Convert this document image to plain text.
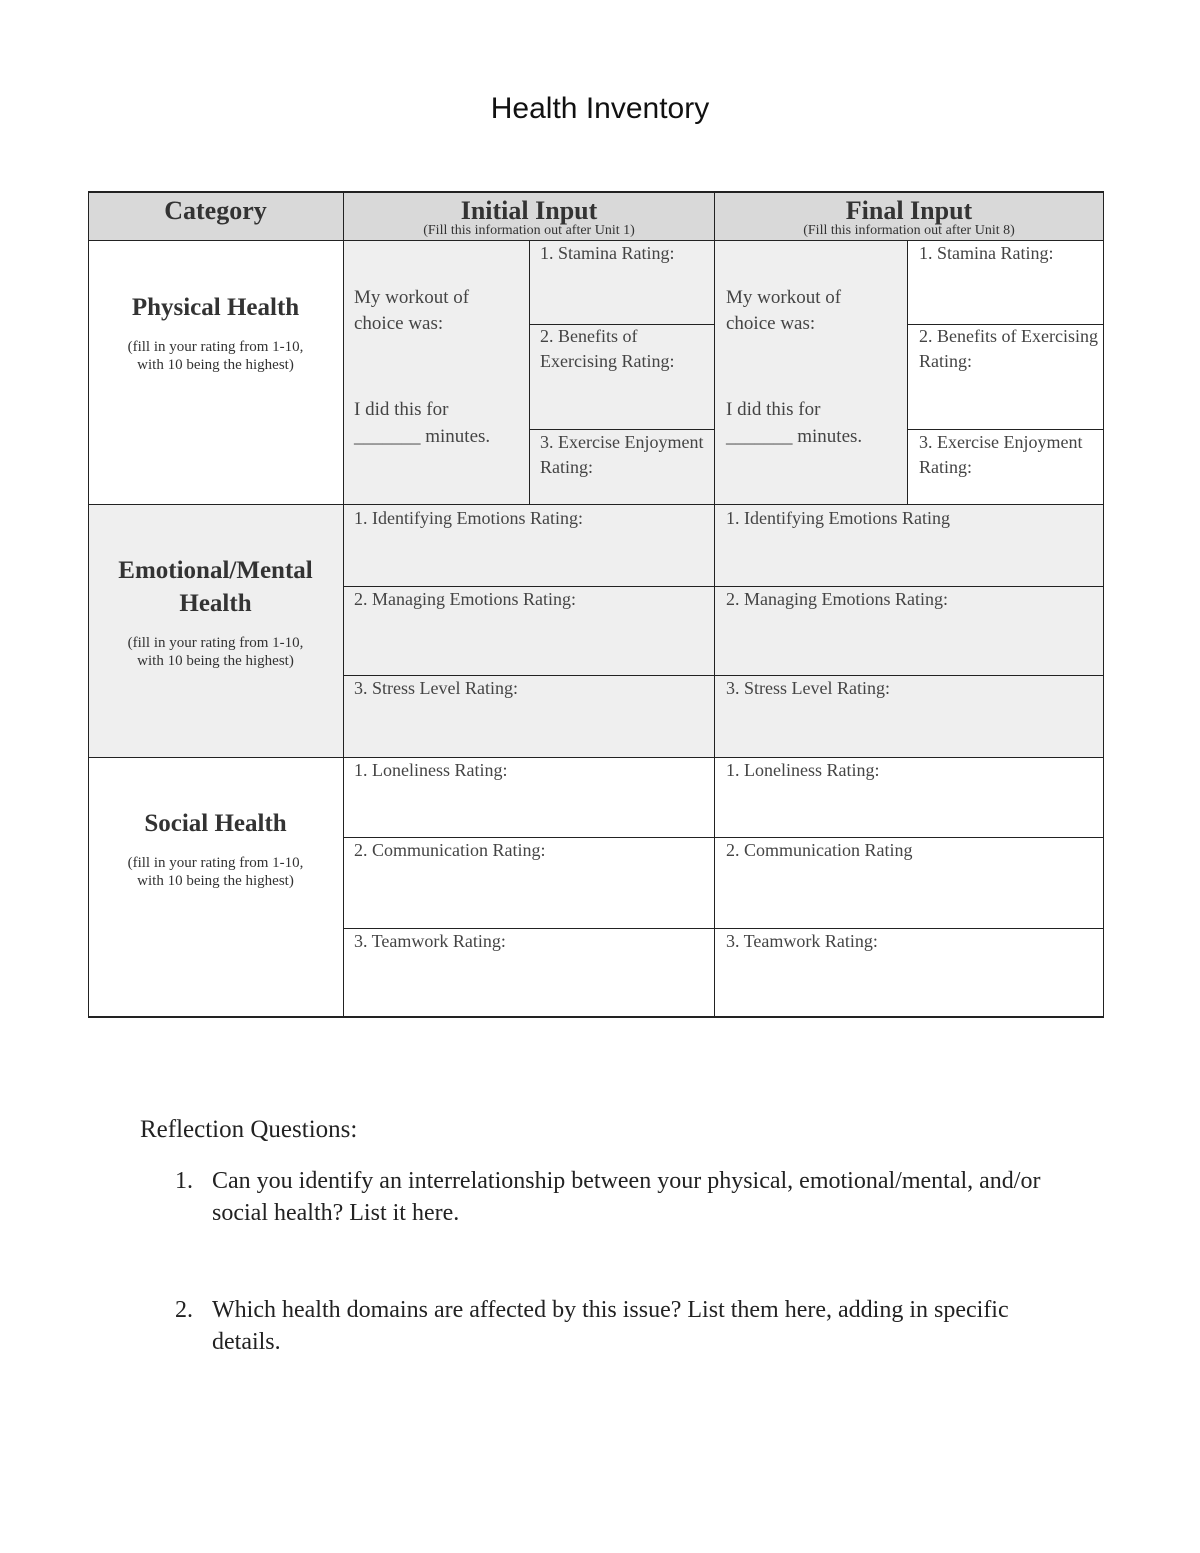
Health Inventory
Category	Initial Input
(Fill this information out after Unit 1)
Final Input
(Fill this information out after Unit 8)
Physical Health
(fill in your rating from 1-10, with 10 being the highest)
My workout of choice was:
I did this for
_______ minutes.
1. Stamina Rating:
2. Benefits of Exercising Rating:
3. Exercise Enjoyment Rating:
My workout of choice was:
I did this for
_______ minutes.
1. Stamina Rating:
2. Benefits of Exercising Rating:
3. Exercise Enjoyment Rating:
Emotional/Mental Health
(fill in your rating from 1-10, with 10 being the highest)
1. Identifying Emotions Rating:
2. Managing Emotions Rating:
3. Stress Level Rating:
1. Identifying Emotions Rating
2. Managing Emotions Rating:
3. Stress Level Rating:
Social Health
(fill in your rating from 1-10, with 10 being the highest)
1. Loneliness Rating:
2. Communication Rating:
3. Teamwork Rating:
1. Loneliness Rating:
2. Communication Rating
3. Teamwork Rating:
Reflection Questions:
1. Can you identify an interrelationship between your physical, emotional/mental, and/or social health? List it here.
2. Which health domains are affected by this issue? List them here, adding in specific details.
